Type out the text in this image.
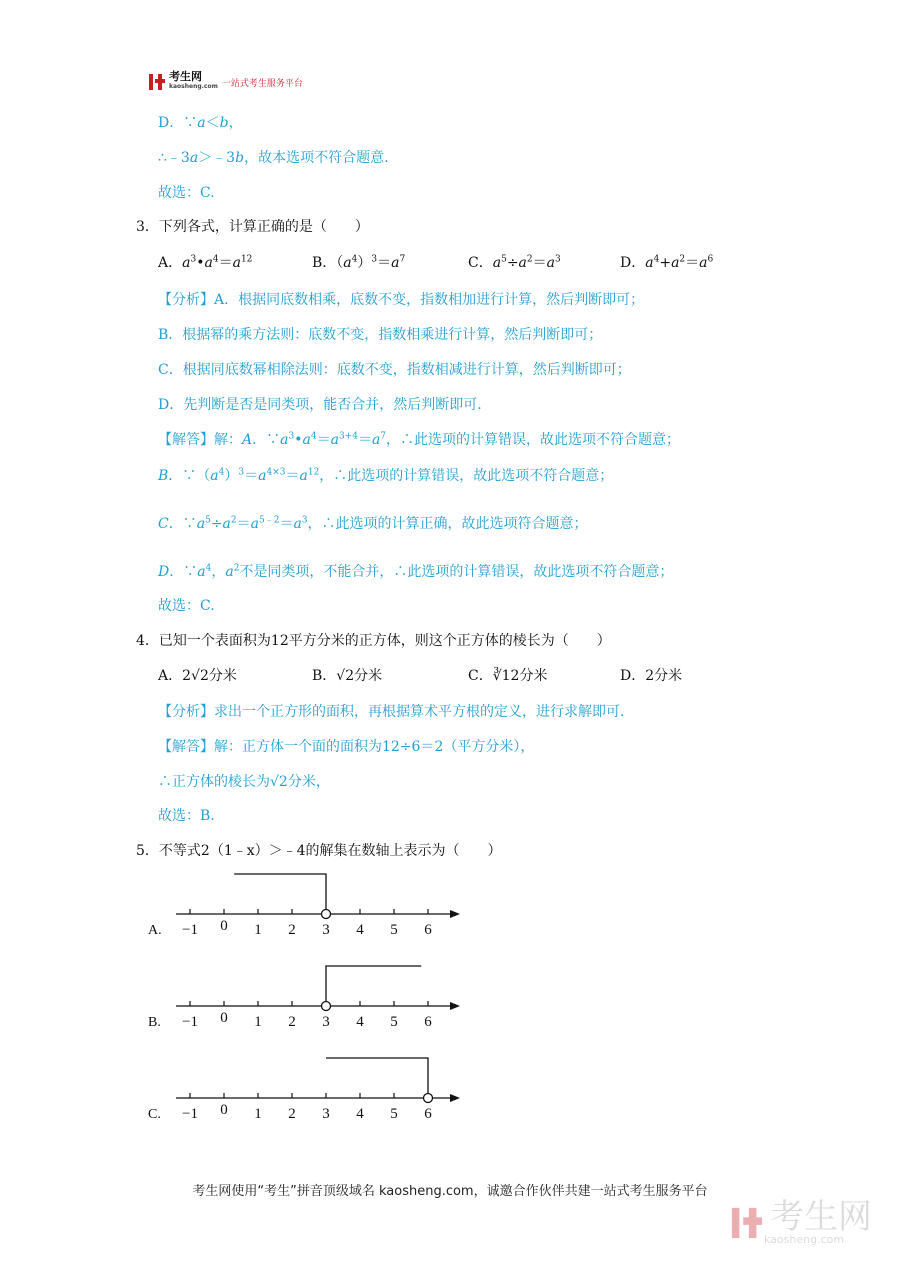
考生网
kaosheng.com 一站式考生服务平台
D．∵a＜b，
∴﹣3a＞﹣3b，故本选项不符合题意.
故选：C.
3．下列各式，计算正确的是（　　）
A．$a^3•a^4=a^{12}$	B．$(a^4)^3=a^7$	C．$a^5\div a^2=a^3$	D．$a^4+a^2=a^6$
【分析】A．根据同底数相乘，底数不变，指数相加进行计算，然后判断即可；
B．根据幂的乘方法则：底数不变，指数相乘进行计算，然后判断即可；
C．根据同底数幂相除法则：底数不变，指数相减进行计算，然后判断即可；
D．先判断是否是同类项，能否合并，然后判断即可.
【解答】解：A．$\because a^3•a^4=a^{3+4}=a^7$，∴此选项的计算错误，故此选项不符合题意；
B．$\because(a^4)^3=a^{4\times 3}=a^{12}$，∴此选项的计算错误，故此选项不符合题意；
C．$\because a^5\div a^2=a^{5﹣2}=a^3$，∴此选项的计算正确，故此选项符合题意；
D．$\because a^4$，$a^2$不是同类项，不能合并，∴此选项的计算错误，故此选项不符合题意；
故选：C.
4．已知一个表面积为12平方分米的正方体，则这个正方体的棱长为（　　）
A．2√2分米	B．√2分米	C．∛12分米	D．2分米
【分析】求出一个正方形的面积，再根据算术平方根的定义，进行求解即可.
【解答】解：正方体一个面的面积为12÷6＝2（平方分米），
∴正方体的棱长为√2分米，
故选：B.
5．不等式2（1﹣x）＞﹣4的解集在数轴上表示为（　　）
−1 0 1 2 3 4 5 6
A.
−1 0 1 2 3 4 5 6
B.
−1 0 1 2 3 4 5 6
C.
考生网使用“考生”拼音顶级域名 kaosheng.com，诚邀合作伙伴共建一站式考生服务平台
考生网
kaosheng.com
